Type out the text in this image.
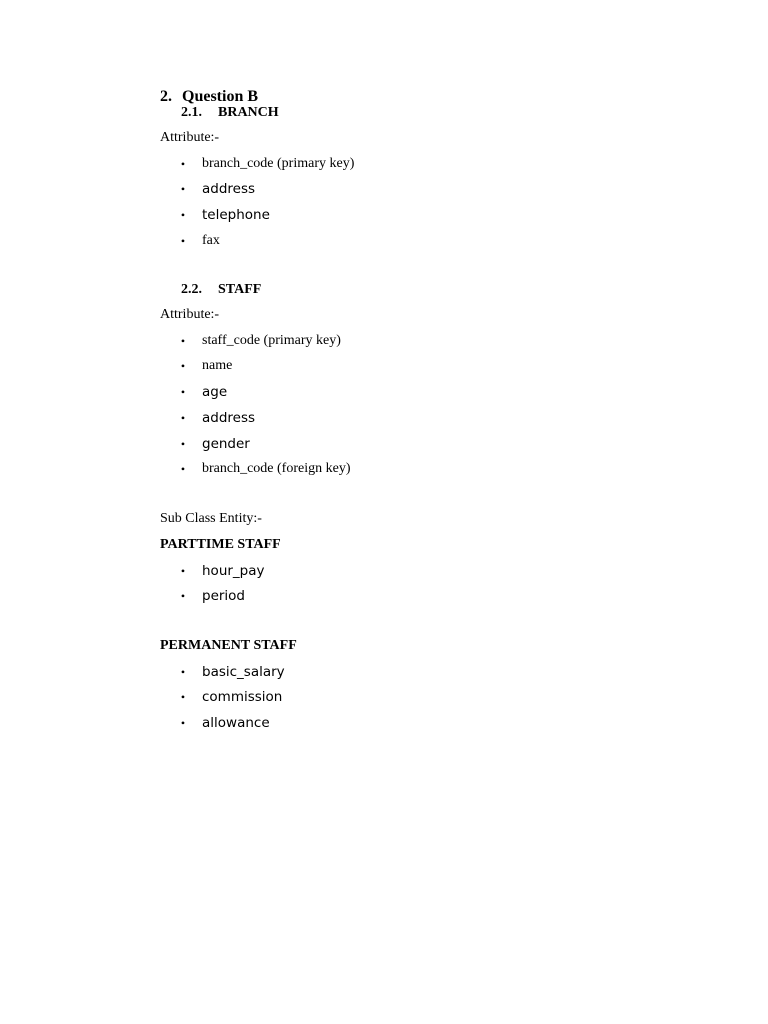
2. Question B
2.1. BRANCH
Attribute:-
• branch_code (primary key)
• address
• telephone
• fax
2.2. STAFF
Attribute:-
• staff_code (primary key)
• name
• age
• address
• gender
• branch_code (foreign key)
Sub Class Entity:-
PARTTIME STAFF
• hour_pay
• period
PERMANENT STAFF
• basic_salary
• commission
• allowance
